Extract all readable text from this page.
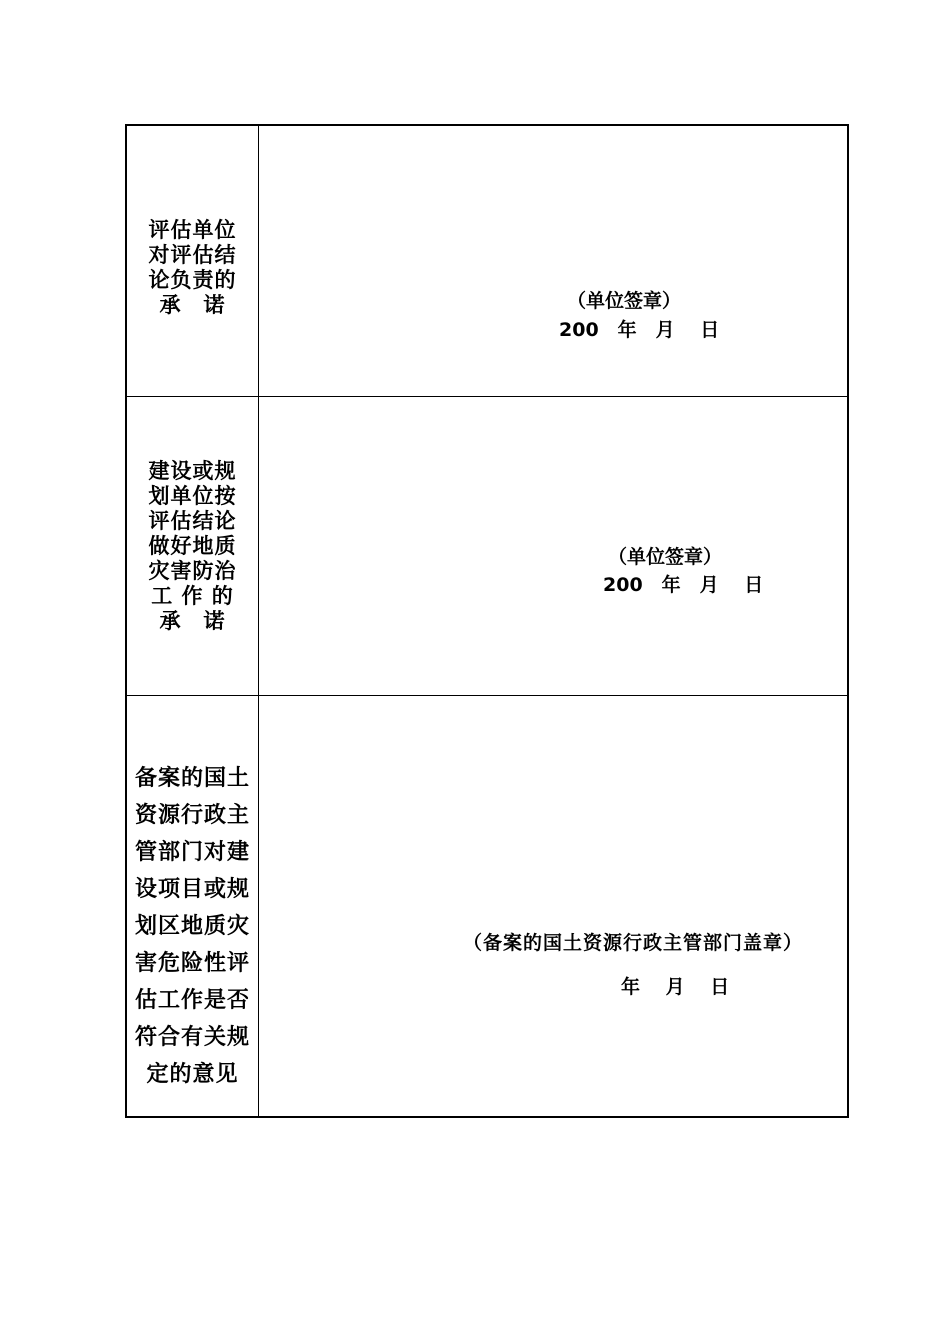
评估单位
对评估结
论负责的
承　诺	（单位签章）
200　年　月　 日
建设或规
划单位按
评估结论
做好地质
灾害防治
工 作 的
承　诺
（单位签章）
200　年　月　 日
备案的国土
资源行政主
管部门对建
设项目或规
划区地质灾
害危险性评
估工作是否
符合有关规
定的意见
（备案的国土资源行政主管部门盖章）
年　 月　 日
